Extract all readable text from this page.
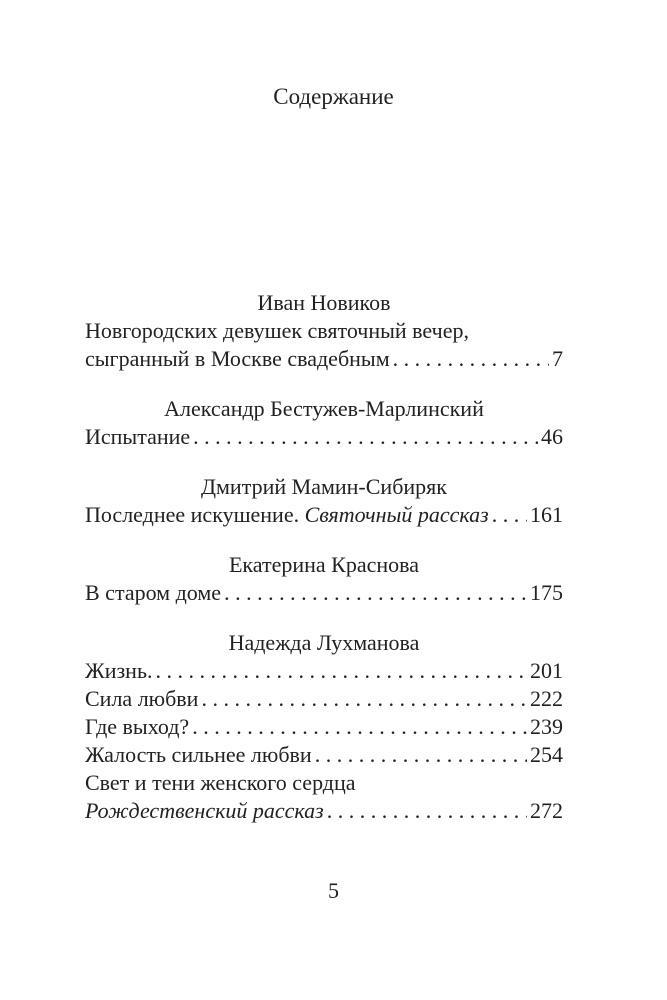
Содержание
Иван Новиков
Новгородских девушек святочный вечер,
сыгранный в Москве свадебным . . .	7
Александр Бестужев-Марлинский
Испытание . . .	46
Дмитрий Мамин-Сибиряк
Последнее искушение. Святочный рассказ . . . 161
Екатерина Краснова
В старом доме . . .	175
Надежда Лухманова
Жизнь. . . .	201
Сила любви . . .	222
Где выход? . . .	239
Жалость сильнее любви . . .	254
Свет и тени женского сердца
Рождественский рассказ . . .	272
5
